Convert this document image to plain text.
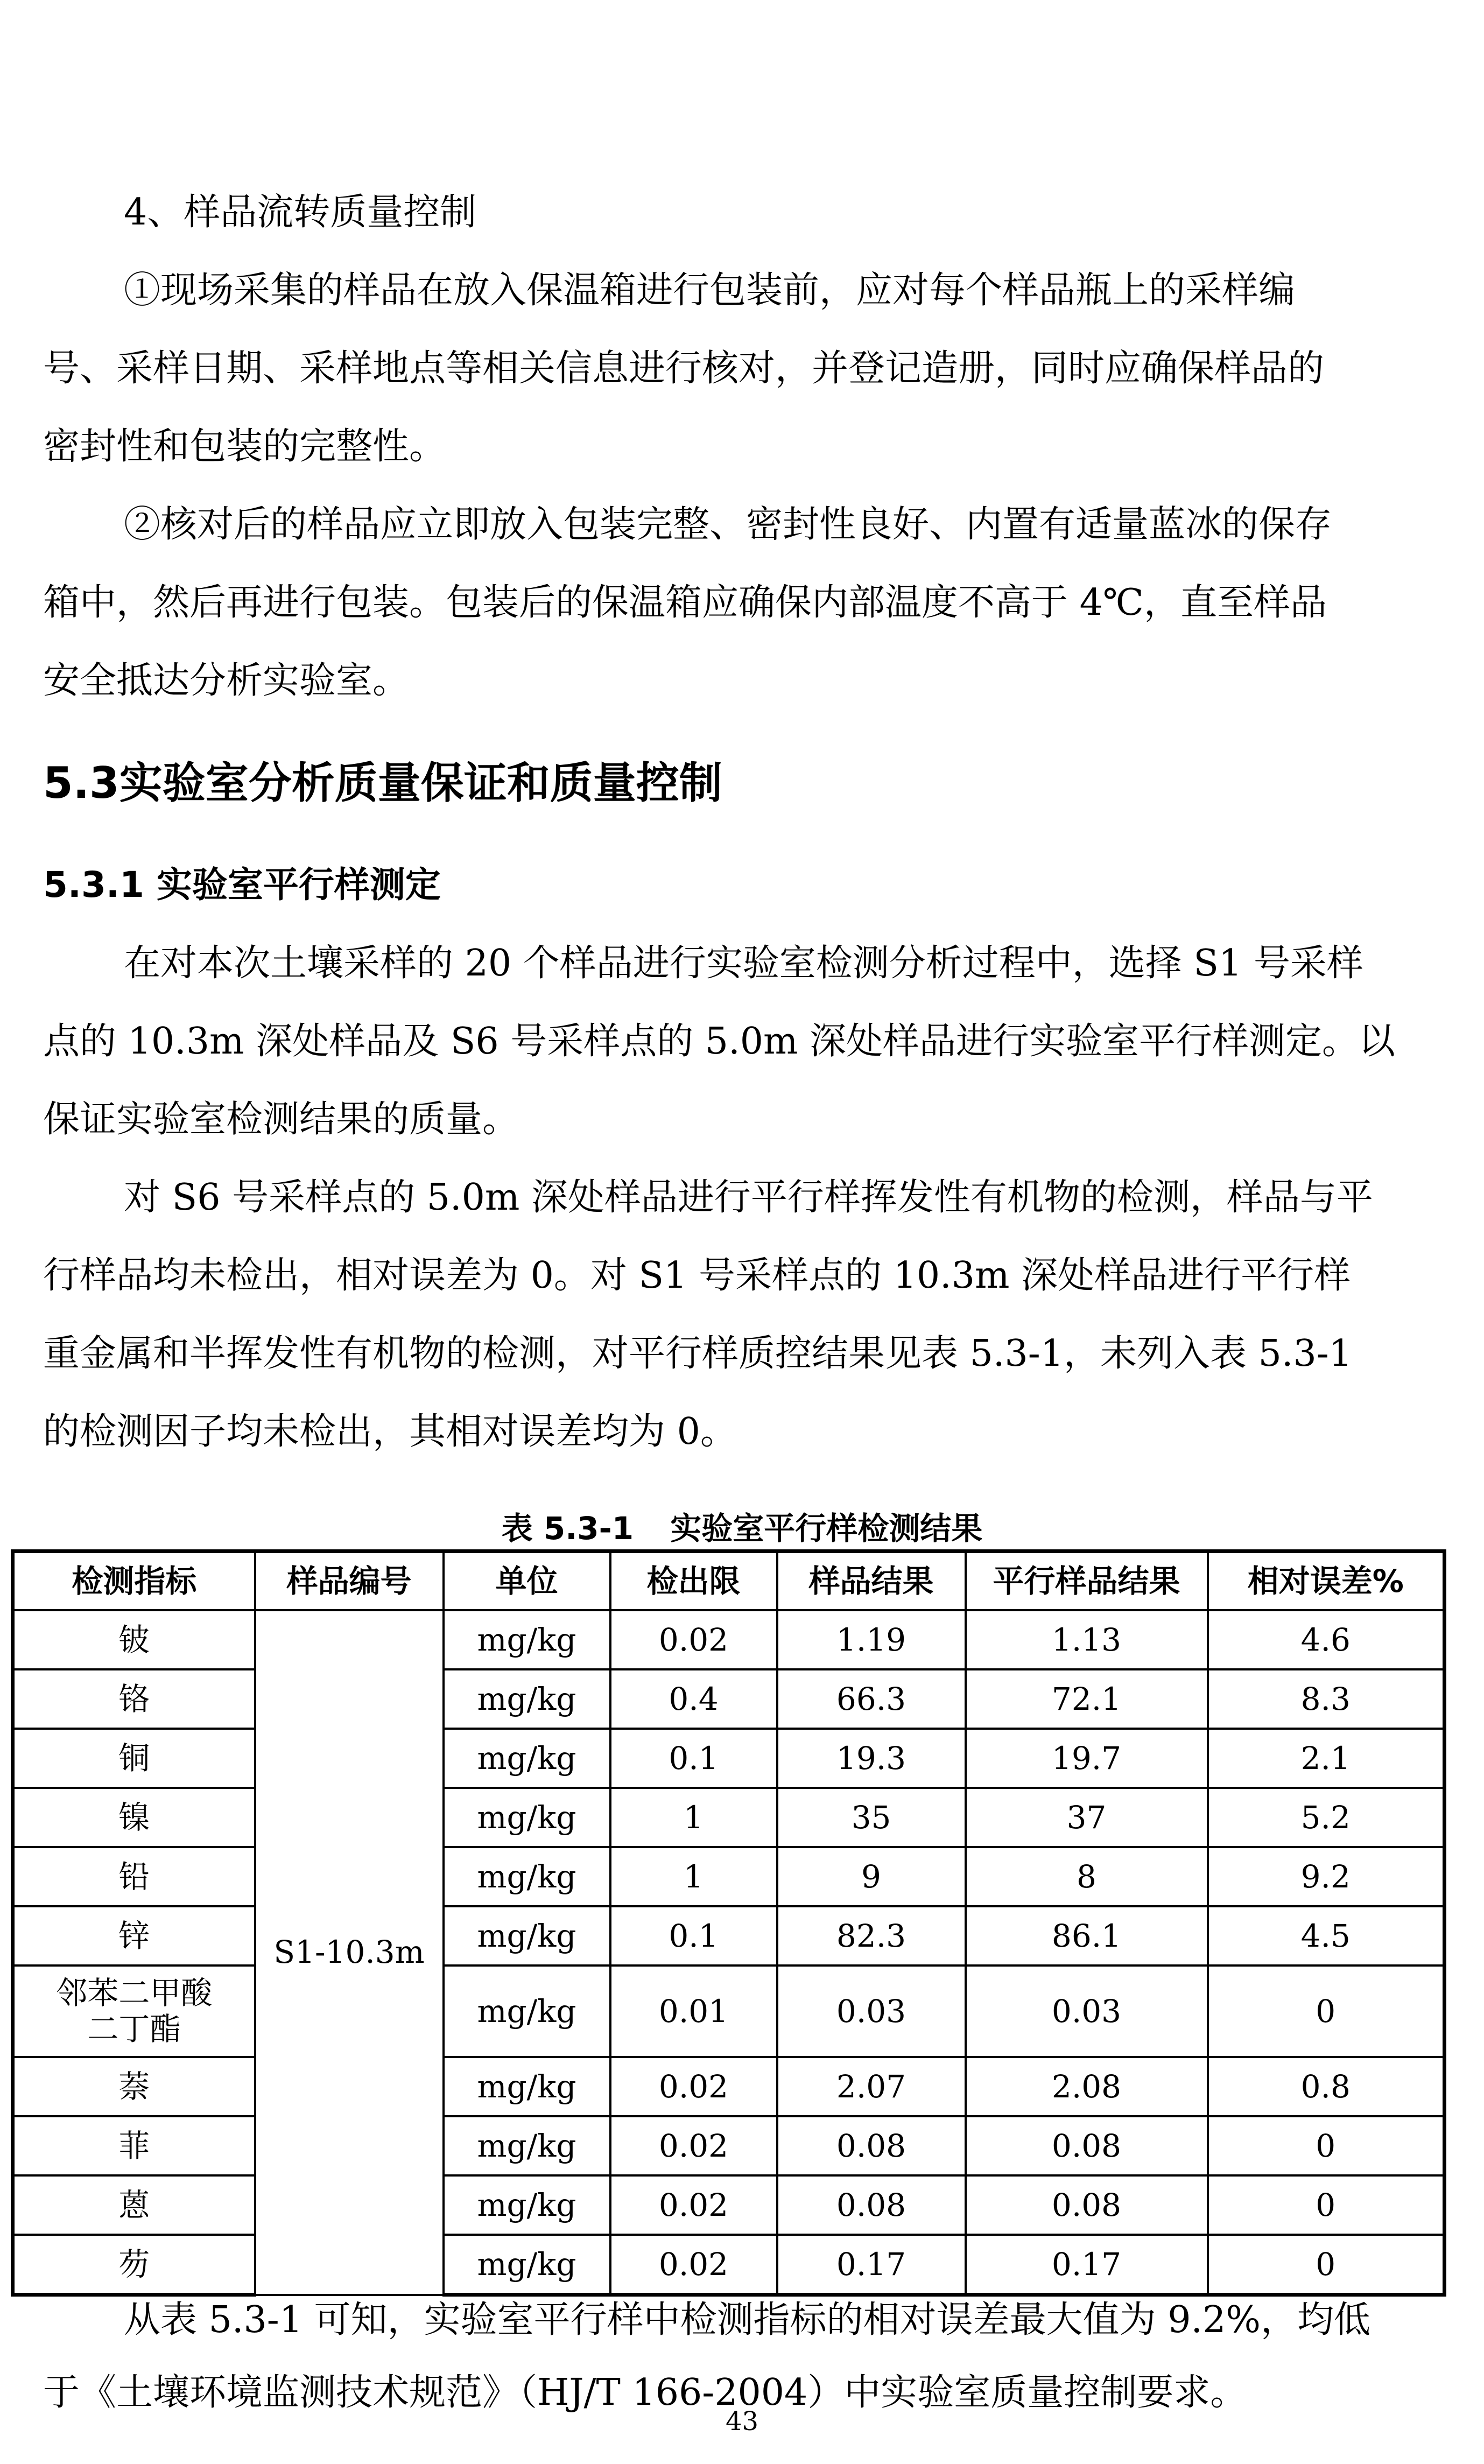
4、样品流转质量控制
①现场采集的样品在放入保温箱进行包装前，应对每个样品瓶上的采样编
号、采样日期、采样地点等相关信息进行核对，并登记造册，同时应确保样品的
密封性和包装的完整性。
②核对后的样品应立即放入包装完整、密封性良好、内置有适量蓝冰的保存
箱中，然后再进行包装。包装后的保温箱应确保内部温度不高于 4℃，直至样品
安全抵达分析实验室。
5.3实验室分析质量保证和质量控制
5.3.1 实验室平行样测定
在对本次土壤采样的 20 个样品进行实验室检测分析过程中，选择 S1 号采样
点的 10.3m 深处样品及 S6 号采样点的 5.0m 深处样品进行实验室平行样测定。以
保证实验室检测结果的质量。
对 S6 号采样点的 5.0m 深处样品进行平行样挥发性有机物的检测，样品与平
行样品均未检出，相对误差为 0。对 S1 号采样点的 10.3m 深处样品进行平行样
重金属和半挥发性有机物的检测，对平行样质控结果见表 5.3-1，未列入表 5.3-1
的检测因子均未检出，其相对误差均为 0。
表 5.3-1 实验室平行样检测结果
检测指标	样品编号	单位	检出限	样品结果	平行样品结果	相对误差%
铍	S1-10.3m	mg/kg	0.02	1.19	1.13	4.6
铬		mg/kg	0.4	66.3	72.1	8.3
铜		mg/kg	0.1	19.3	19.7	2.1
镍		mg/kg	1	35	37	5.2
铅		mg/kg	1	9	8	9.2
锌		mg/kg	0.1	82.3	86.1	4.5

邻苯二甲酸
二丁酯		mg/kg	0.01	0.03	0.03	0
萘		mg/kg	0.02	2.07	2.08	0.8
菲		mg/kg	0.02	0.08	0.08	0
蒽		mg/kg	0.02	0.08	0.08	0
芴		mg/kg	0.02	0.17	0.17	0
从表 5.3-1 可知，实验室平行样中检测指标的相对误差最大值为 9.2%，均低
于《土壤环境监测技术规范》（HJ/T 166-2004）中实验室质量控制要求。
43
